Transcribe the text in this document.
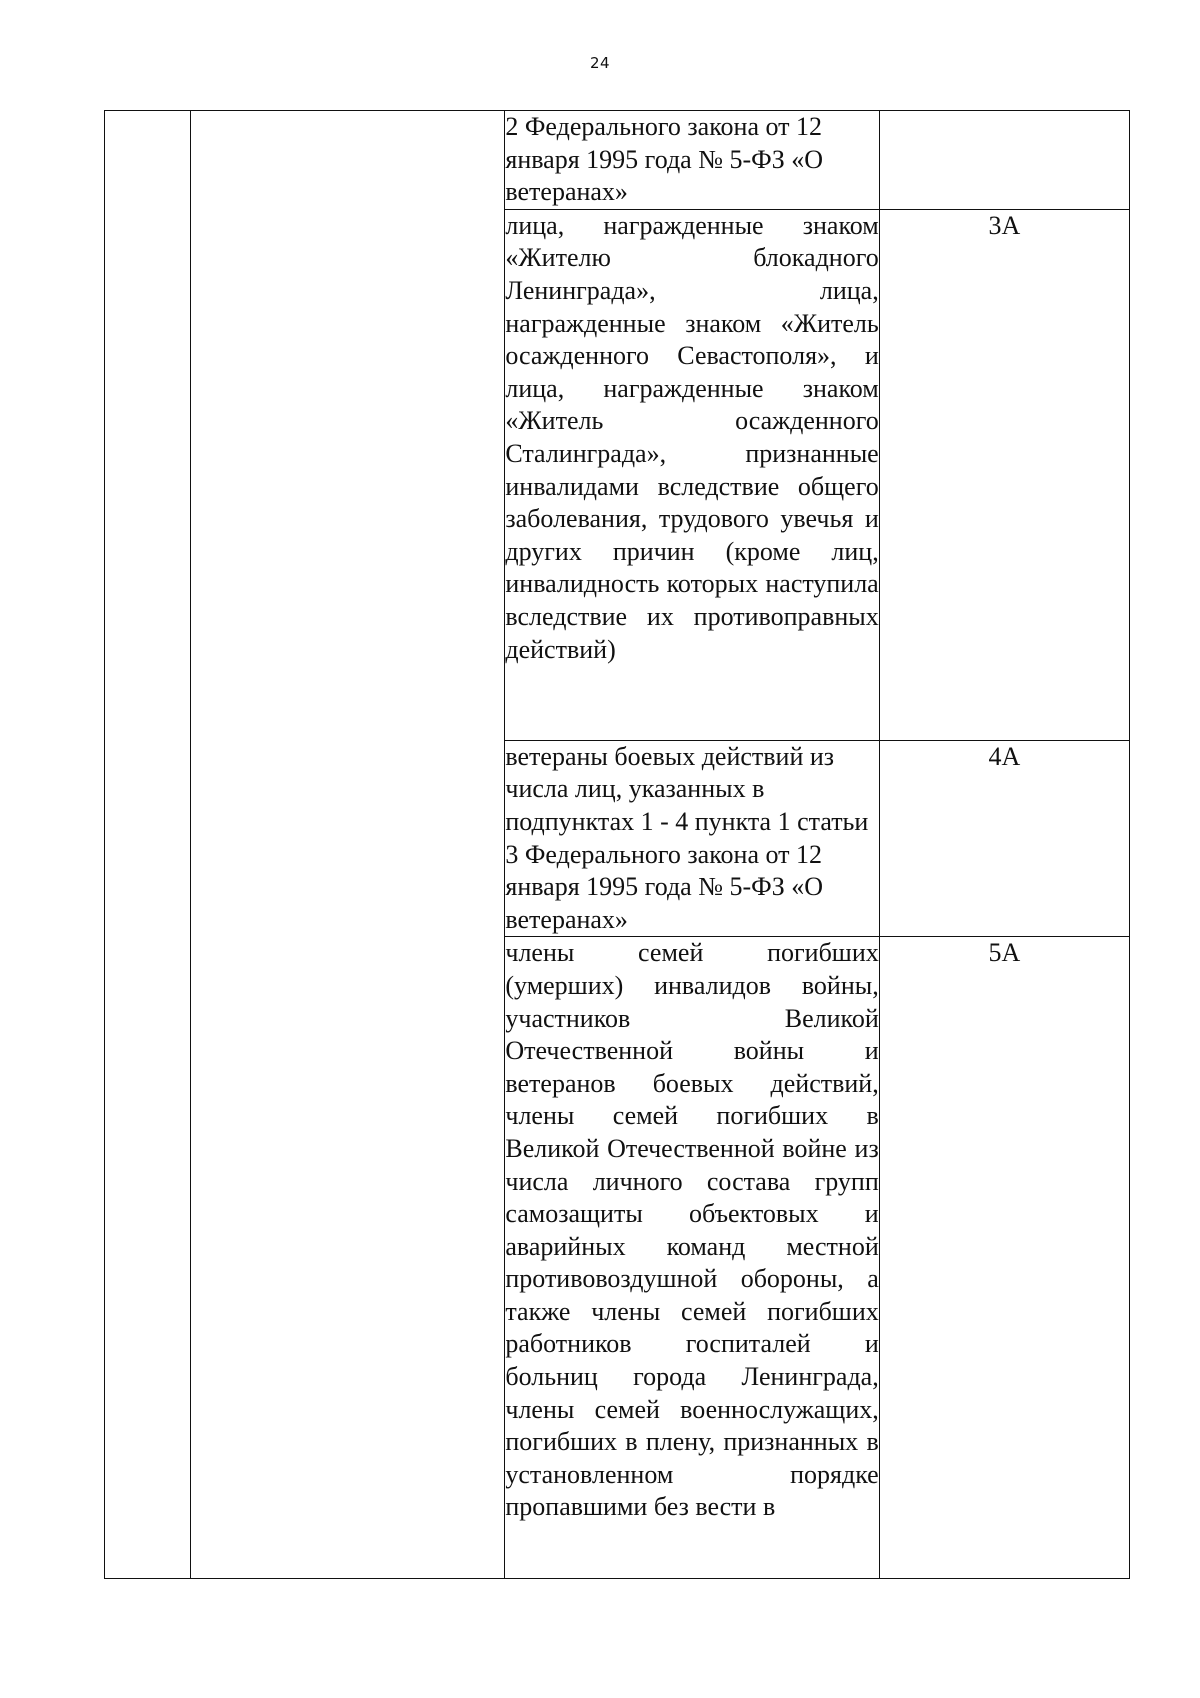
24
		2 Федерального закона от 12 января 1995 года № 5-ФЗ «О ветеранах»	
		лица, награжденные знаком «Жителю блокадного Ленинграда», лица, награжденные знаком «Житель осажденного Севастополя», и лица, награжденные знаком «Житель осажденного Сталинграда», признанные инвалидами вследствие общего заболевания, трудового увечья и других причин (кроме лиц, инвалидность которых наступила вследствие их противоправных действий)	3А
		ветераны боевых действий из числа лиц, указанных в подпунктах 1 - 4 пункта 1 статьи 3 Федерального закона от 12 января 1995 года № 5-ФЗ «О ветеранах»	4А
		члены семей погибших (умерших) инвалидов войны, участников Великой Отечественной войны и ветеранов боевых действий, члены семей погибших в Великой Отечественной войне из числа личного состава групп самозащиты объектовых и аварийных команд местной противовоздушной обороны, а также члены семей погибших работников госпиталей и больниц города Ленинграда, члены семей военнослужащих, погибших в плену, признанных в установленном порядке пропавшими без вести в	5А
